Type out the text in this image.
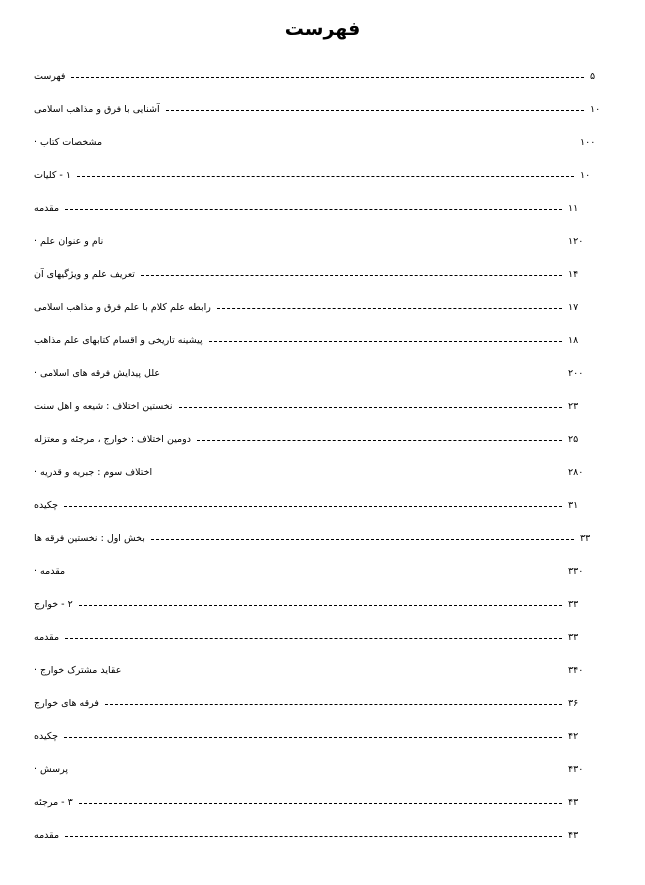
فهرست
فهرست	۵
آشنایی با فرق و مذاهب اسلامی	۱۰
مشخصات کتاب ·	۱۰۰
۱ - کلیات	۱۰
مقدمه	۱۱
نام و عنوان علم ·	۱۲۰
تعریف علم و ویژگیهای آن	۱۴
رابطه علم کلام با علم فرق و مذاهب اسلامی	۱۷
پیشینه تاریخی و اقسام کتابهای علم مذاهب	۱۸
علل پیدایش فرقه های اسلامی ·	۲۰۰
نخستین اختلاف : شیعه و اهل سنت	۲۳
دومین اختلاف : خوارج ، مرجئه و معتزله	۲۵
اختلاف سوم : جبریه و قدریه ·	۲۸۰
چکیده	۳۱
بخش اول : نخستین فرقه ها	۳۳
مقدمه ·	۳۳۰
۲ - خوارج	۳۳
مقدمه	۳۳
عقاید مشترک خوارج ·	۳۴۰
فرقه های خوارج	۳۶
چکیده	۴۲
پرسش ·	۴۳۰
۳ - مرجئه	۴۳
مقدمه	۴۳
